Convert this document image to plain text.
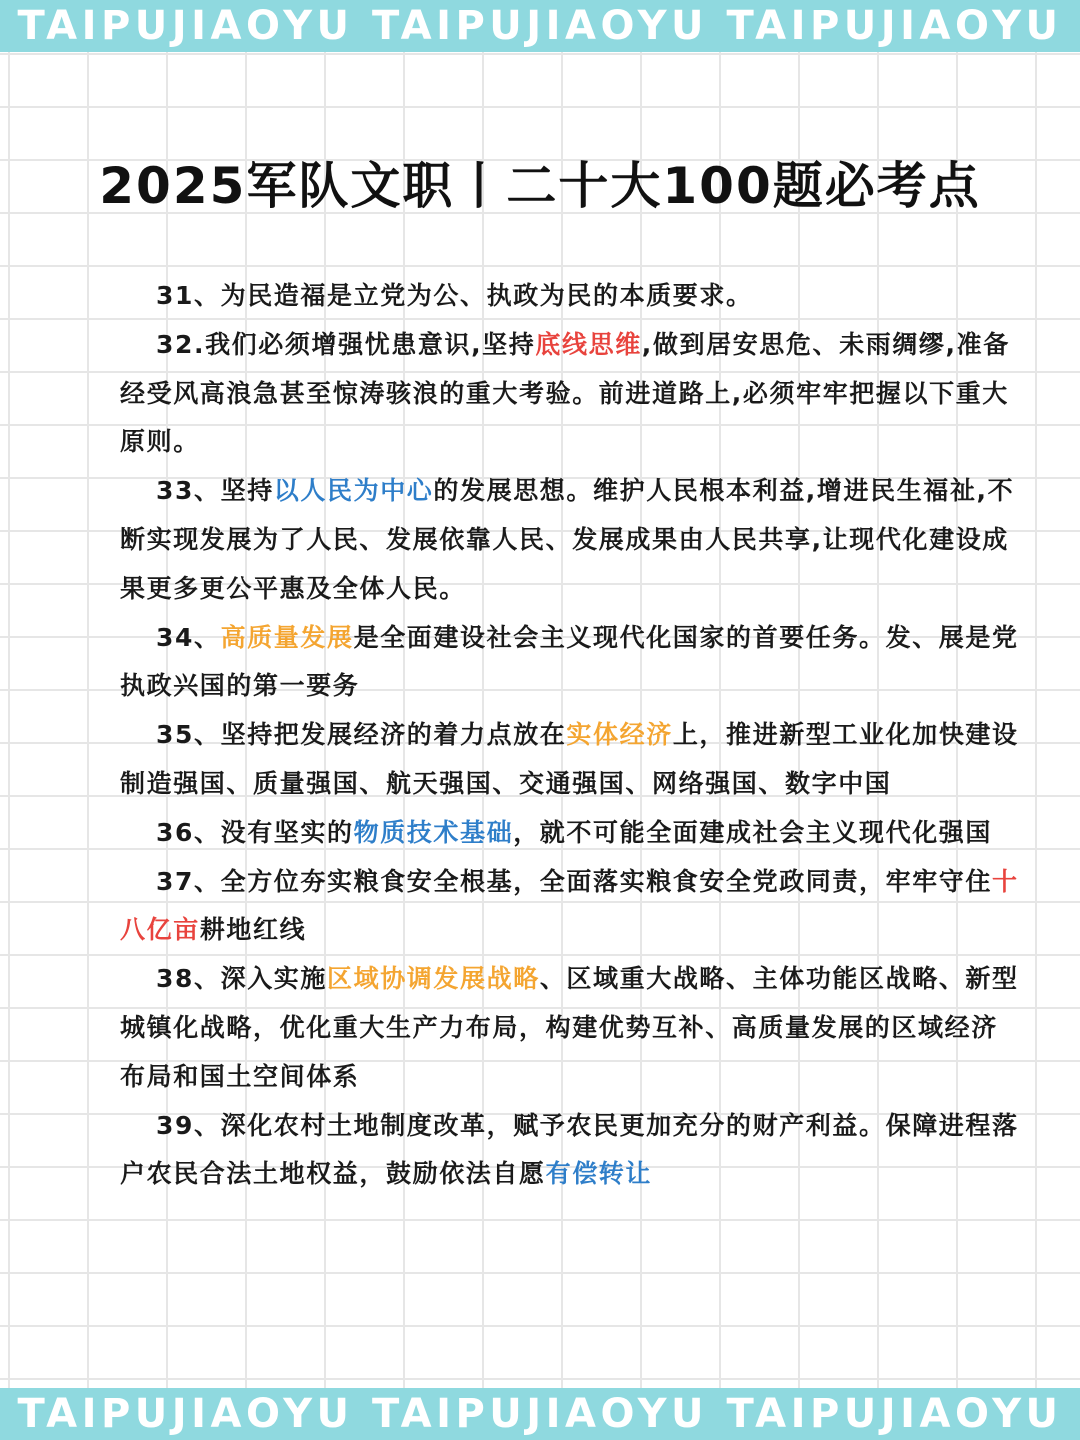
TAIPUJIAOYU TAIPUJIAOYU TAIPUJIAOYU
2025军队文职丨二十大100题必考点

31、为民造福是立党为公、执政为民的本质要求。

32.我们必须增强忧患意识,坚持底线思维,做到居安思危、未雨绸缪,准备经受风高浪急甚至惊涛骇浪的重大考验。前进道路上,必须牢牢把握以下重大原则。

33、坚持以人民为中心的发展思想。维护人民根本利益,增进民生福祉,不断实现发展为了人民、发展依靠人民、发展成果由人民共享,让现代化建设成果更多更公平惠及全体人民。

34、高质量发展是全面建设社会主义现代化国家的首要任务。发、展是党执政兴国的第一要务

35、坚持把发展经济的着力点放在实体经济上，推进新型工业化加快建设制造强国、质量强国、航天强国、交通强国、网络强国、数字中国

36、没有坚实的物质技术基础，就不可能全面建成社会主义现代化强国

37、全方位夯实粮食安全根基，全面落实粮食安全党政同责，牢牢守住十八亿亩耕地红线

38、深入实施区域协调发展战略、区域重大战略、主体功能区战略、新型城镇化战略，优化重大生产力布局，构建优势互补、高质量发展的区域经济布局和国土空间体系

39、深化农村土地制度改革，赋予农民更加充分的财产利益。保障进程落户农民合法土地权益，鼓励依法自愿有偿转让

TAIPUJIAOYU TAIPUJIAOYU TAIPUJIAOYU
